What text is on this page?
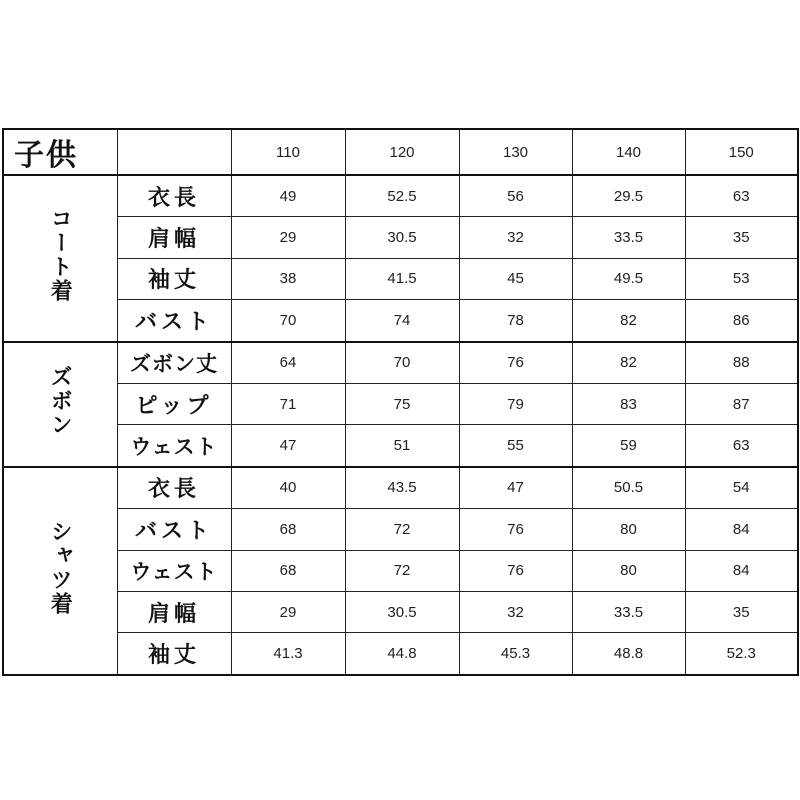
子供		110	120	130	140	150
コート着	衣長	49	52.5	56	29.5	63
	肩幅	29	30.5	32	33.5	35
	袖丈	38	41.5	45	49.5	53
	バスト	70	74	78	82	86
ズボン	ズボン丈	64	70	76	82	88
	ピップ	71	75	79	83	87
	ウェスト	47	51	55	59	63
シャツ着	衣長	40	43.5	47	50.5	54
	バスト	68	72	76	80	84
	ウェスト	68	72	76	80	84
	肩幅	29	30.5	32	33.5	35
	袖丈	41.3	44.8	45.3	48.8	52.3
